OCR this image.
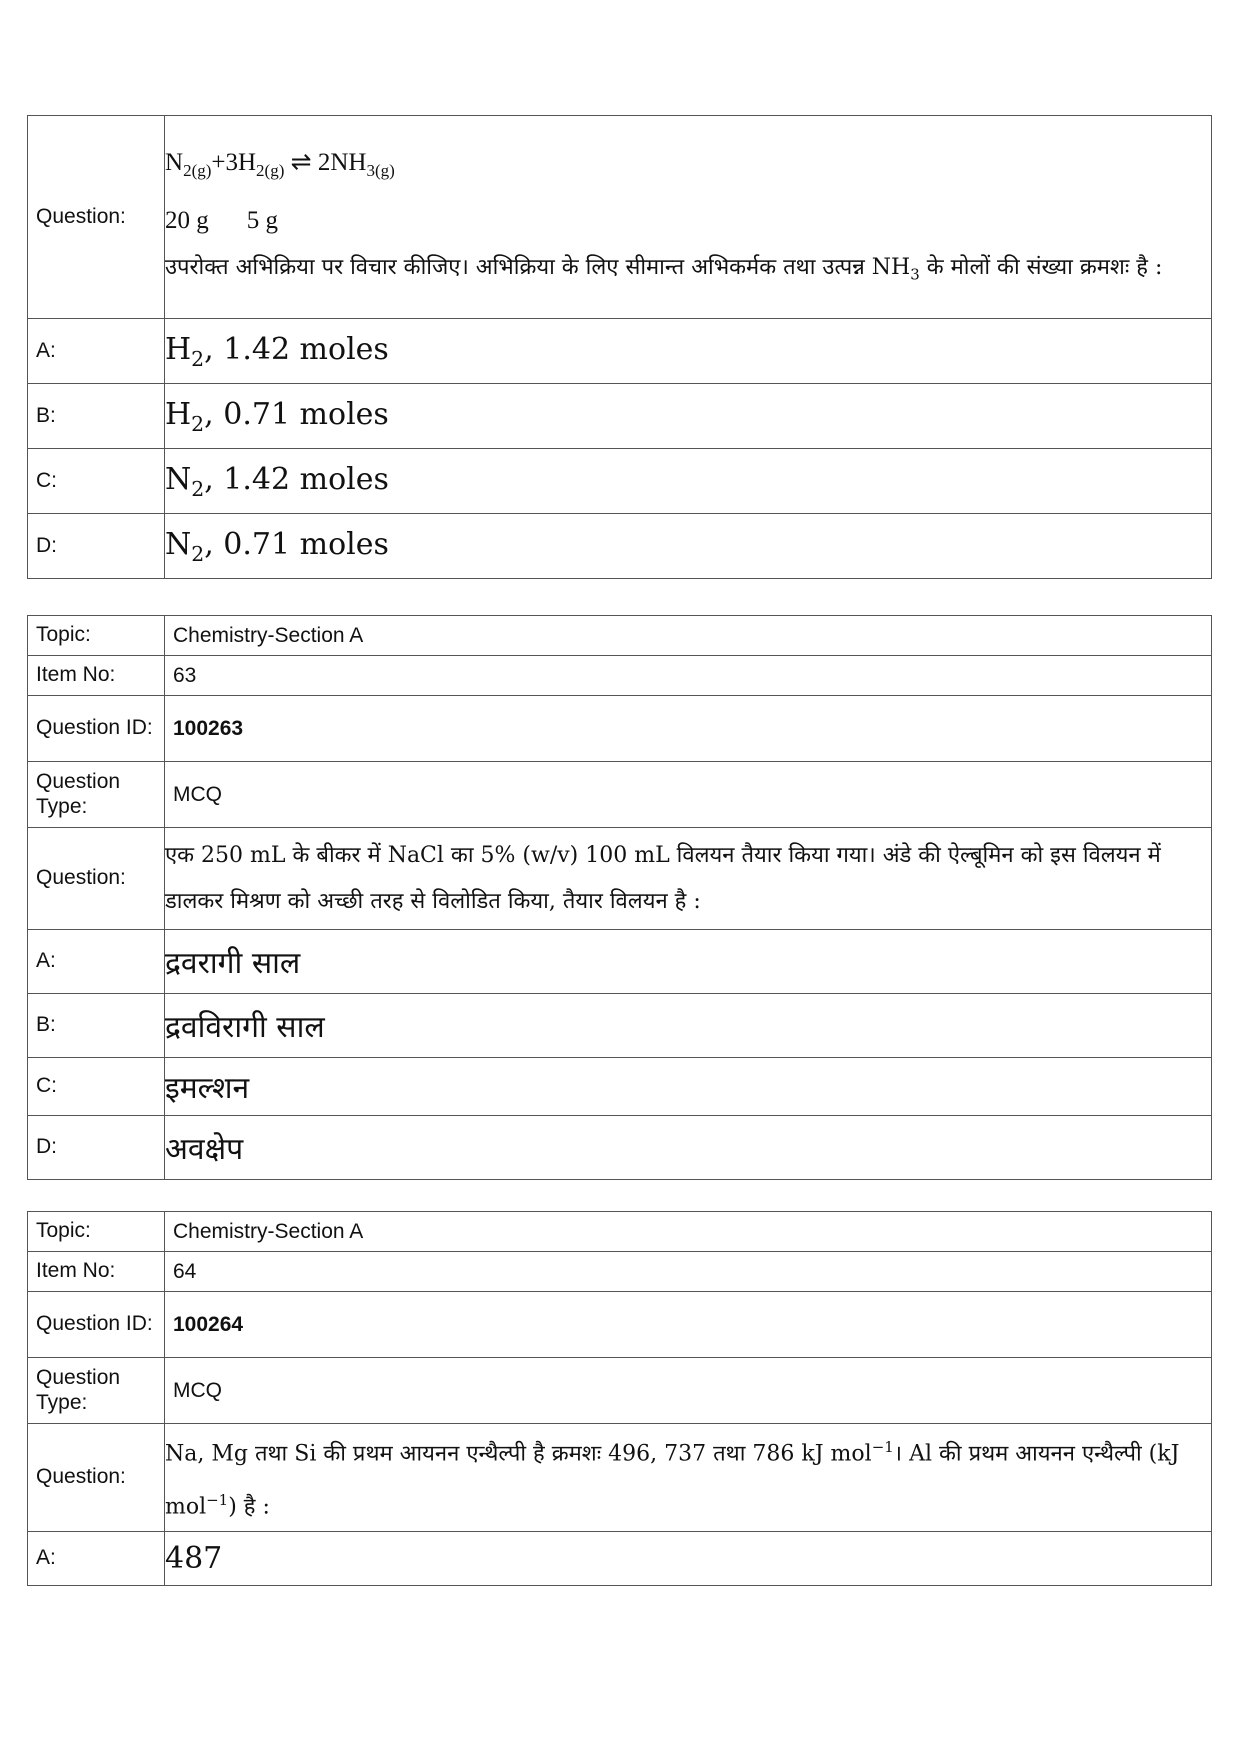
Question:	$N_{2(g)}+3H_{2(g)}$ ⇌ $2NH_{3(g)}$
20 g 5 g
उपरोक्त अभिक्रिया पर विचार कीजिए। अभिक्रिया के लिए सीमान्त अभिकर्मक तथा उत्पन्न $NH_3$ के मोलों की संख्या क्रमशः है :

A:	$H_2$, 1.42 moles
B:	$H_2$, 0.71 moles
C:	$N_2$, 1.42 moles
D:	$N_2$, 0.71 moles
Topic:	Chemistry-Section A
Item No:	63
Question ID:	100263
Question Type:	MCQ
Question:	एक 250 mL के बीकर में NaCl का 5% (w/v) 100 mL विलयन तैयार किया गया। अंडे की ऐल्बूमिन को इस विलयन में डालकर मिश्रण को अच्छी तरह से विलोडित किया, तैयार विलयन है :
A:	द्रवरागी साल
B:	द्रवविरागी साल
C:	इमल्शन
D:	अवक्षेप
Topic:	Chemistry-Section A
Item No:	64
Question ID:	100264
Question Type:	MCQ
Question:	Na, Mg तथा Si की प्रथम आयनन एन्थैल्पी है क्रमशः 496, 737 तथा 786 kJ mol$^{-1}$। Al की प्रथम आयनन एन्थैल्पी (kJ mol$^{-1}$) है :
A:	487
